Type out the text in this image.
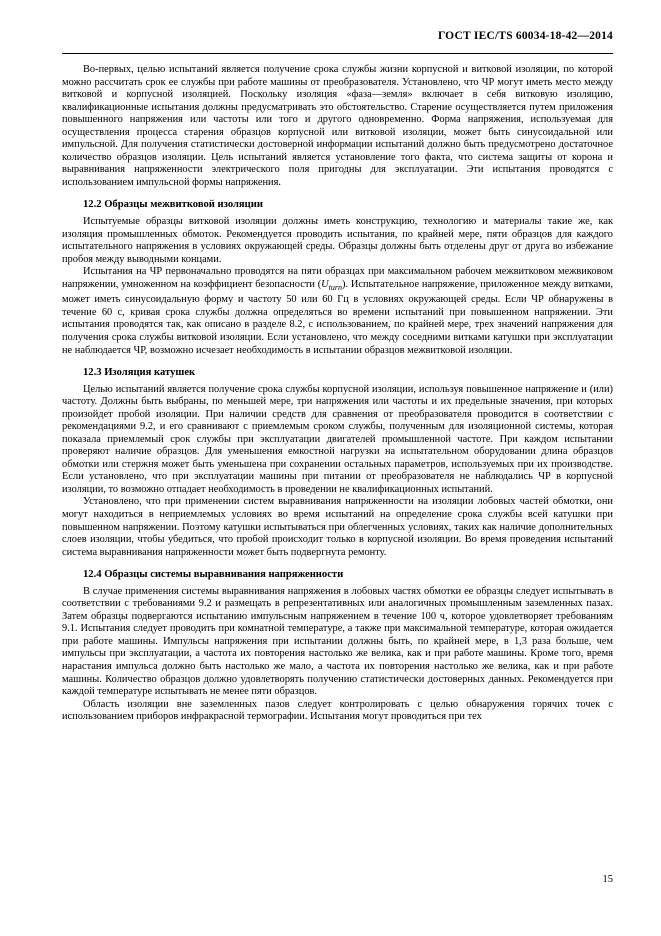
ГОСТ IEC/TS 60034-18-42—2014

Во-первых, целью испытаний является получение срока службы жизни корпусной и витковой изоляции, по которой можно рассчитать срок ее службы при работе машины от преобразователя. Установлено, что ЧР могут иметь место между витковой и корпусной изоляцией. Поскольку изоляция «фаза—земля» включает в себя витковую изоляцию, квалификационные испытания должны предусматривать это обстоятельство. Старение осуществляется путем приложения повышенного напряжения или частоты или того и другого одновременно. Форма напряжения, используемая для осуществления процесса старения образцов корпусной или витковой изоляции, может быть синусоидальной или импульсной. Для получения статистически достоверной информации испытаний должно быть предусмотрено достаточное количество образцов изоляции. Цель испытаний является установление того факта, что система защиты от корона и выравнивания напряженности электрического поля пригодны для эксплуатации. Эти испытания проводятся с использованием импульсной формы напряжения.

12.2 Образцы межвитковой изоляции

Испытуемые образцы витковой изоляции должны иметь конструкцию, технологию и материалы такие же, как изоляция промышленных обмоток. Рекомендуется проводить испытания, по крайней мере, пяти образцов для каждого испытательного напряжения в условиях окружающей среды. Образцы должны быть отделены друг от друга во избежание пробоя между выводными концами.

Испытания на ЧР первоначально проводятся на пяти образцах при максимальном рабочем межвитковом межвиковом напряжении, умноженном на коэффициент безопасности $(U_{turn})$. Испытательное напряжение, приложенное между витками, может иметь синусоидальную форму и частоту 50 или 60 Гц в условиях окружающей среды. Если ЧР обнаружены в течение 60 с, кривая срока службы должна определяться во времени испытаний при повышенном напряжении. Эти испытания проводятся так, как описано в разделе 8.2, с использованием, по крайней мере, трех значений напряжения для получения срока службы витковой изоляции. Если установлено, что между соседними витками катушки при эксплуатации не наблюдается ЧР, возможно исчезает необходимость в испытании образцов межвитковой изоляции.

12.3 Изоляция катушек

Целью испытаний является получение срока службы корпусной изоляции, используя повышенное напряжение и (или) частоту. Должны быть выбраны, по меньшей мере, три напряжения или частоты и их предельные значения, при которых произойдет пробой изоляции. При наличии средств для сравнения от преобразователя проводится в соответствии с рекомендациями 9.2, и его сравнивают с приемлемым сроком службы, полученным для изоляционной системы, которая показала приемлемый срок службы при эксплуатации двигателей промышленной частоте. При каждом испытании проверяют наличие образцов. Для уменьшения емкостной нагрузки на испытательном оборудовании длина образцов обмотки или стержня может быть уменьшена при сохранении остальных параметров, используемых при их производстве. Если установлено, что при эксплуатации машины при питании от преобразователя не наблюдались ЧР в корпусной изоляции, то возможно отпадает необходимость в проведении не квалификационных испытаний.

Установлено, что при применении систем выравнивания напряженности на изоляции лобовых частей обмотки, они могут находиться в неприемлемых условиях во время испытаний на определение срока службы всей катушки при повышенном напряжении. Поэтому катушки испытываться при облегченных условиях, таких как наличие дополнительных слоев изоляции, чтобы убедиться, что пробой происходит только в корпусной изоляции. Во время проведения испытаний система выравнивания напряженности может быть подвергнута ремонту.

12.4 Образцы системы выравнивания напряженности

В случае применения системы выравнивания напряжения в лобовых частях обмотки ее образцы следует испытывать в соответствии с требованиями 9.2 и размещать в репрезентативных или аналогичных промышленным заземленных пазах. Затем образцы подвергаются испытанию импульсным напряжением в течение 100 ч, которое удовлетворяет требованиям 9.1. Испытания следует проводить при комнатной температуре, а также при максимальной температуре, которая ожидается при работе машины. Импульсы напряжения при испытании должны быть, по крайней мере, в 1,3 раза больше, чем импульсы при эксплуатации, а частота их повторения настолько же велика, как и при работе машины. Кроме того, время нарастания импульса должно быть настолько же мало, а частота их повторения настолько же велика, как и при работе машины. Количество образцов должно удовлетворять получению статистически достоверных данных. Рекомендуется при каждой температуре испытывать не менее пяти образцов.

Область изоляции вне заземленных пазов следует контролировать с целью обнаружения горячих точек с использованием приборов инфракрасной термографии. Испытания могут проводиться при тех

15
